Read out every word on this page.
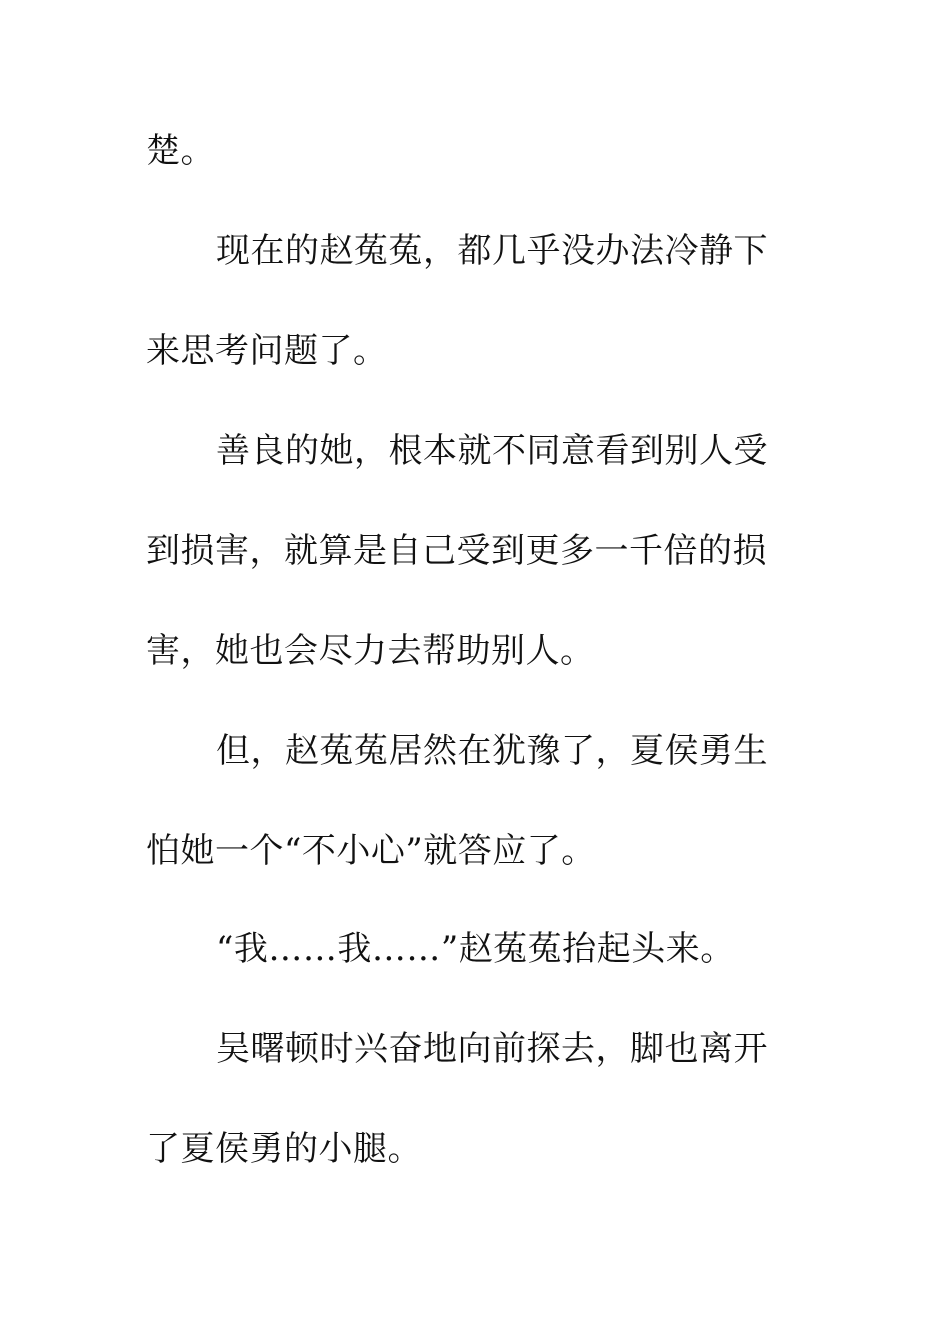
楚。
现在的赵菟菟，都几乎没办法冷静下
来思考问题了。
善良的她，根本就不同意看到别人受
到损害，就算是自己受到更多一千倍的损
害，她也会尽力去帮助别人。
但，赵菟菟居然在犹豫了，夏侯勇生
怕她一个“不小心”就答应了。
“我……我……”赵菟菟抬起头来。
吴曙顿时兴奋地向前探去，脚也离开
了夏侯勇的小腿。
